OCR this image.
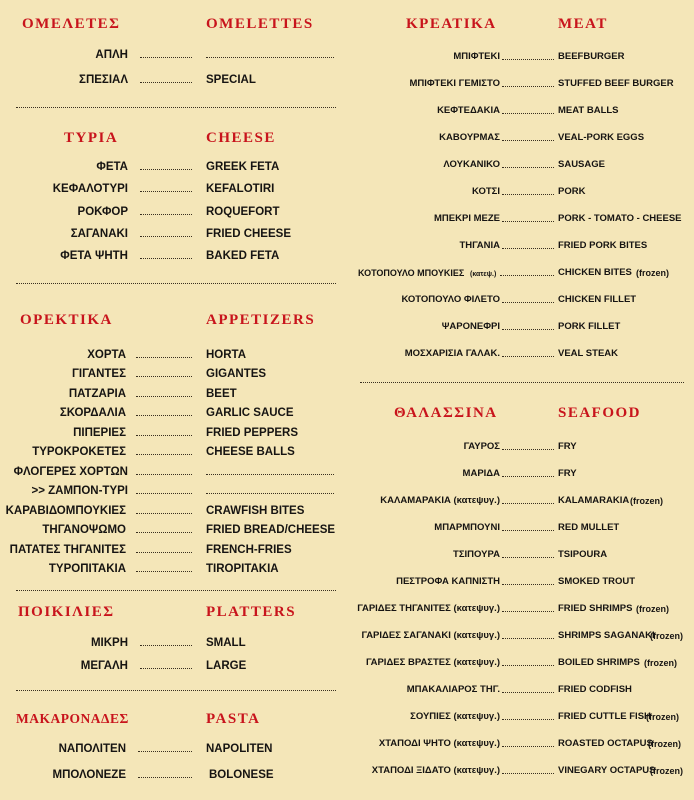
ΟΜΕΛΕΤΕΣ	OMELETTES
ΑΠΛΗ
ΣΠΕΣΙΑΛ	SPECIAL
ΤΥΡΙΑ	CHEESE
ΦΕΤΑ	GREEK FETA
ΚΕΦΑΛΟΤΥΡΙ	KEFALOTIRI
ΡΟΚΦΟΡ	ROQUEFORT
ΣΑΓΑΝΑΚΙ	FRIED CHEESE
ΦΕΤΑ ΨΗΤΗ	BAKED FETA
ΟΡΕΚΤΙΚΑ	APPETIZERS
ΧΟΡΤΑ	HORTA
ΓΙΓΑΝΤΕΣ	GIGANTES
ΠΑΤΖΑΡΙΑ	BEET
ΣΚΟΡΔΑΛΙΑ	GARLIC SAUCE
ΠΙΠΕΡΙΕΣ	FRIED PEPPERS
ΤΥΡΟΚΡΟΚΕΤΕΣ	CHEESE BALLS
ΦΛΟΓΕΡΕΣ ΧΟΡΤΩΝ
>> ΖΑΜΠΟΝ-ΤΥΡΙ
ΚΑΡΑΒΙΔΟΜΠΟΥΚΙΕΣ	CRAWFISH BITES
ΤΗΓΑΝΟΨΩΜΟ	FRIED BREAD/CHEESE
ΠΑΤΑΤΕΣ ΤΗΓΑΝΙΤΕΣ	FRENCH-FRIES
ΤΥΡΟΠΙΤΑΚΙΑ	TIROPITAKIA
ΠΟΙΚΙΛΙΕΣ	PLATTERS
ΜΙΚΡΗ	SMALL
ΜΕΓΑΛΗ	LARGE
ΜΑΚΑΡΟΝΑΔΕΣ	PASTA
ΝΑΠΟΛΙΤΕΝ	NAPOLITEN
ΜΠΟΛΟΝΕΖΕ	BOLONESE
ΚΡΕΑΤΙΚΑ	MEAT
ΜΠΙΦΤΕΚΙ	BEEFBURGER
ΜΠΙΦΤΕΚΙ ΓΕΜΙΣΤΟ	STUFFED BEEF BURGER
ΚΕΦΤΕΔΑΚΙΑ	MEAT BALLS
ΚΑΒΟΥΡΜΑΣ	VEAL-PORK EGGS
ΛΟΥΚΑΝΙΚΟ	SAUSAGE
ΚΟΤΣΙ	PORK
ΜΠΕΚΡΙ ΜΕΖΕ	PORK - TOMATO - CHEESE
ΤΗΓΑΝΙΑ	FRIED PORK BITES
ΚΟΤΟΠΟΥΛΟ ΜΠΟΥΚΙΕΣ (κατεψ.)	CHICKEN BITES (frozen)
ΚΟΤΟΠΟΥΛΟ ΦΙΛΕΤΟ	CHICKEN FILLET
ΨΑΡΟΝΕΦΡΙ	PORK FILLET
ΜΟΣΧΑΡΙΣΙΑ ΓΑΛΑΚ.	VEAL STEAK
ΘΑΛΑΣΣΙΝΑ	SEAFOOD
ΓΑΥΡΟΣ	FRY
ΜΑΡΙΔΑ	FRY
ΚΑΛΑΜΑΡΑΚΙΑ (κατεψυγ.)	KALAMARAKIA (frozen)
ΜΠΑΡΜΠΟΥΝΙ	RED MULLET
ΤΣΙΠΟΥΡΑ	TSIPOURA
ΠΕΣΤΡΟΦΑ ΚΑΠΝΙΣΤΗ	SMOKED TROUT
ΓΑΡΙΔΕΣ ΤΗΓΑΝΙΤΕΣ (κατεψυγ.)	FRIED SHRIMPS (frozen)
ΓΑΡΙΔΕΣ ΣΑΓΑΝΑΚΙ (κατεψυγ.)	SHRIMPS SAGANAKI
(frozen)
ΓΑΡΙΔΕΣ ΒΡΑΣΤΕΣ (κατεψυγ.)	BOILED SHRIMPS (frozen)
ΜΠΑΚΑΛΙΑΡΟΣ ΤΗΓ.	FRIED CODFISH
ΣΟΥΠΙΕΣ (κατεψυγ.)	FRIED CUTTLE FISH
(frozen)
ΧΤΑΠΟΔΙ ΨΗΤΟ (κατεψυγ.)	ROASTED OCTAPUS
(frozen)
ΧΤΑΠΟΔΙ ΞΙΔΑΤΟ (κατεψυγ.)	VINEGARY OCTAPUS
(frozen)
